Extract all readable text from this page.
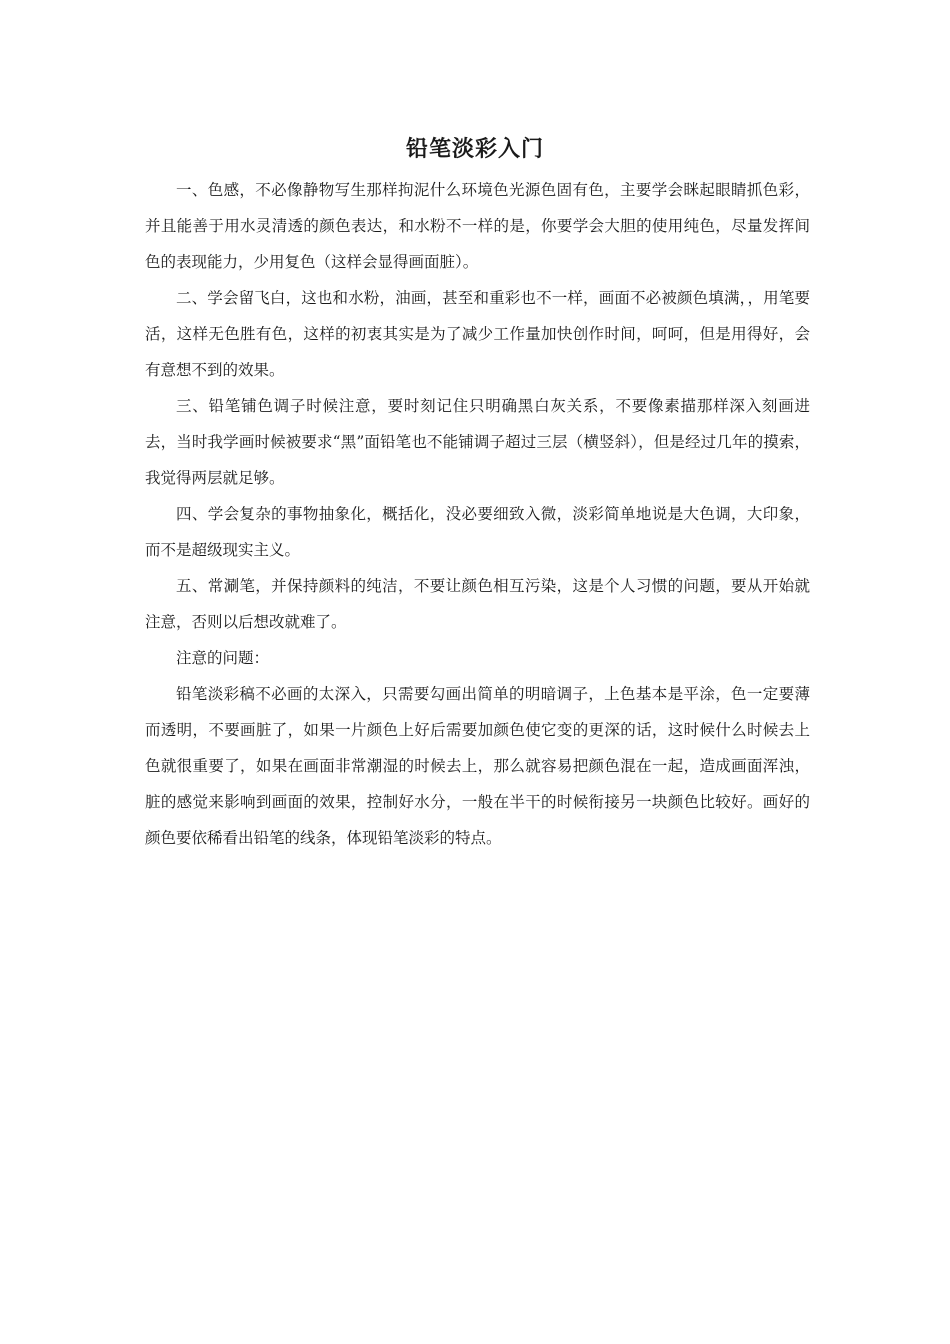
铅笔淡彩入门

一、色感，不必像静物写生那样拘泥什么环境色光源色固有色，主要学会眯起眼睛抓色彩，并且能善于用水灵清透的颜色表达，和水粉不一样的是，你要学会大胆的使用纯色，尽量发挥间色的表现能力，少用复色（这样会显得画面脏）。

二、学会留飞白，这也和水粉，油画，甚至和重彩也不一样，画面不必被颜色填满，，用笔要活，这样无色胜有色，这样的初衷其实是为了减少工作量加快创作时间，呵呵，但是用得好，会有意想不到的效果。

三、铅笔铺色调子时候注意，要时刻记住只明确黑白灰关系，不要像素描那样深入刻画进去，当时我学画时候被要求“黑”面铅笔也不能铺调子超过三层（横竖斜），但是经过几年的摸索，我觉得两层就足够。

四、学会复杂的事物抽象化，概括化，没必要细致入微，淡彩简单地说是大色调，大印象，而不是超级现实主义。

五、常涮笔，并保持颜料的纯洁，不要让颜色相互污染，这是个人习惯的问题，要从开始就注意，否则以后想改就难了。

注意的问题：

铅笔淡彩稿不必画的太深入，只需要勾画出简单的明暗调子，上色基本是平涂，色一定要薄而透明，不要画脏了，如果一片颜色上好后需要加颜色使它变的更深的话，这时候什么时候去上色就很重要了，如果在画面非常潮湿的时候去上，那么就容易把颜色混在一起，造成画面浑浊，脏的感觉来影响到画面的效果，控制好水分，一般在半干的时候衔接另一块颜色比较好。画好的颜色要依稀看出铅笔的线条，体现铅笔淡彩的特点。
